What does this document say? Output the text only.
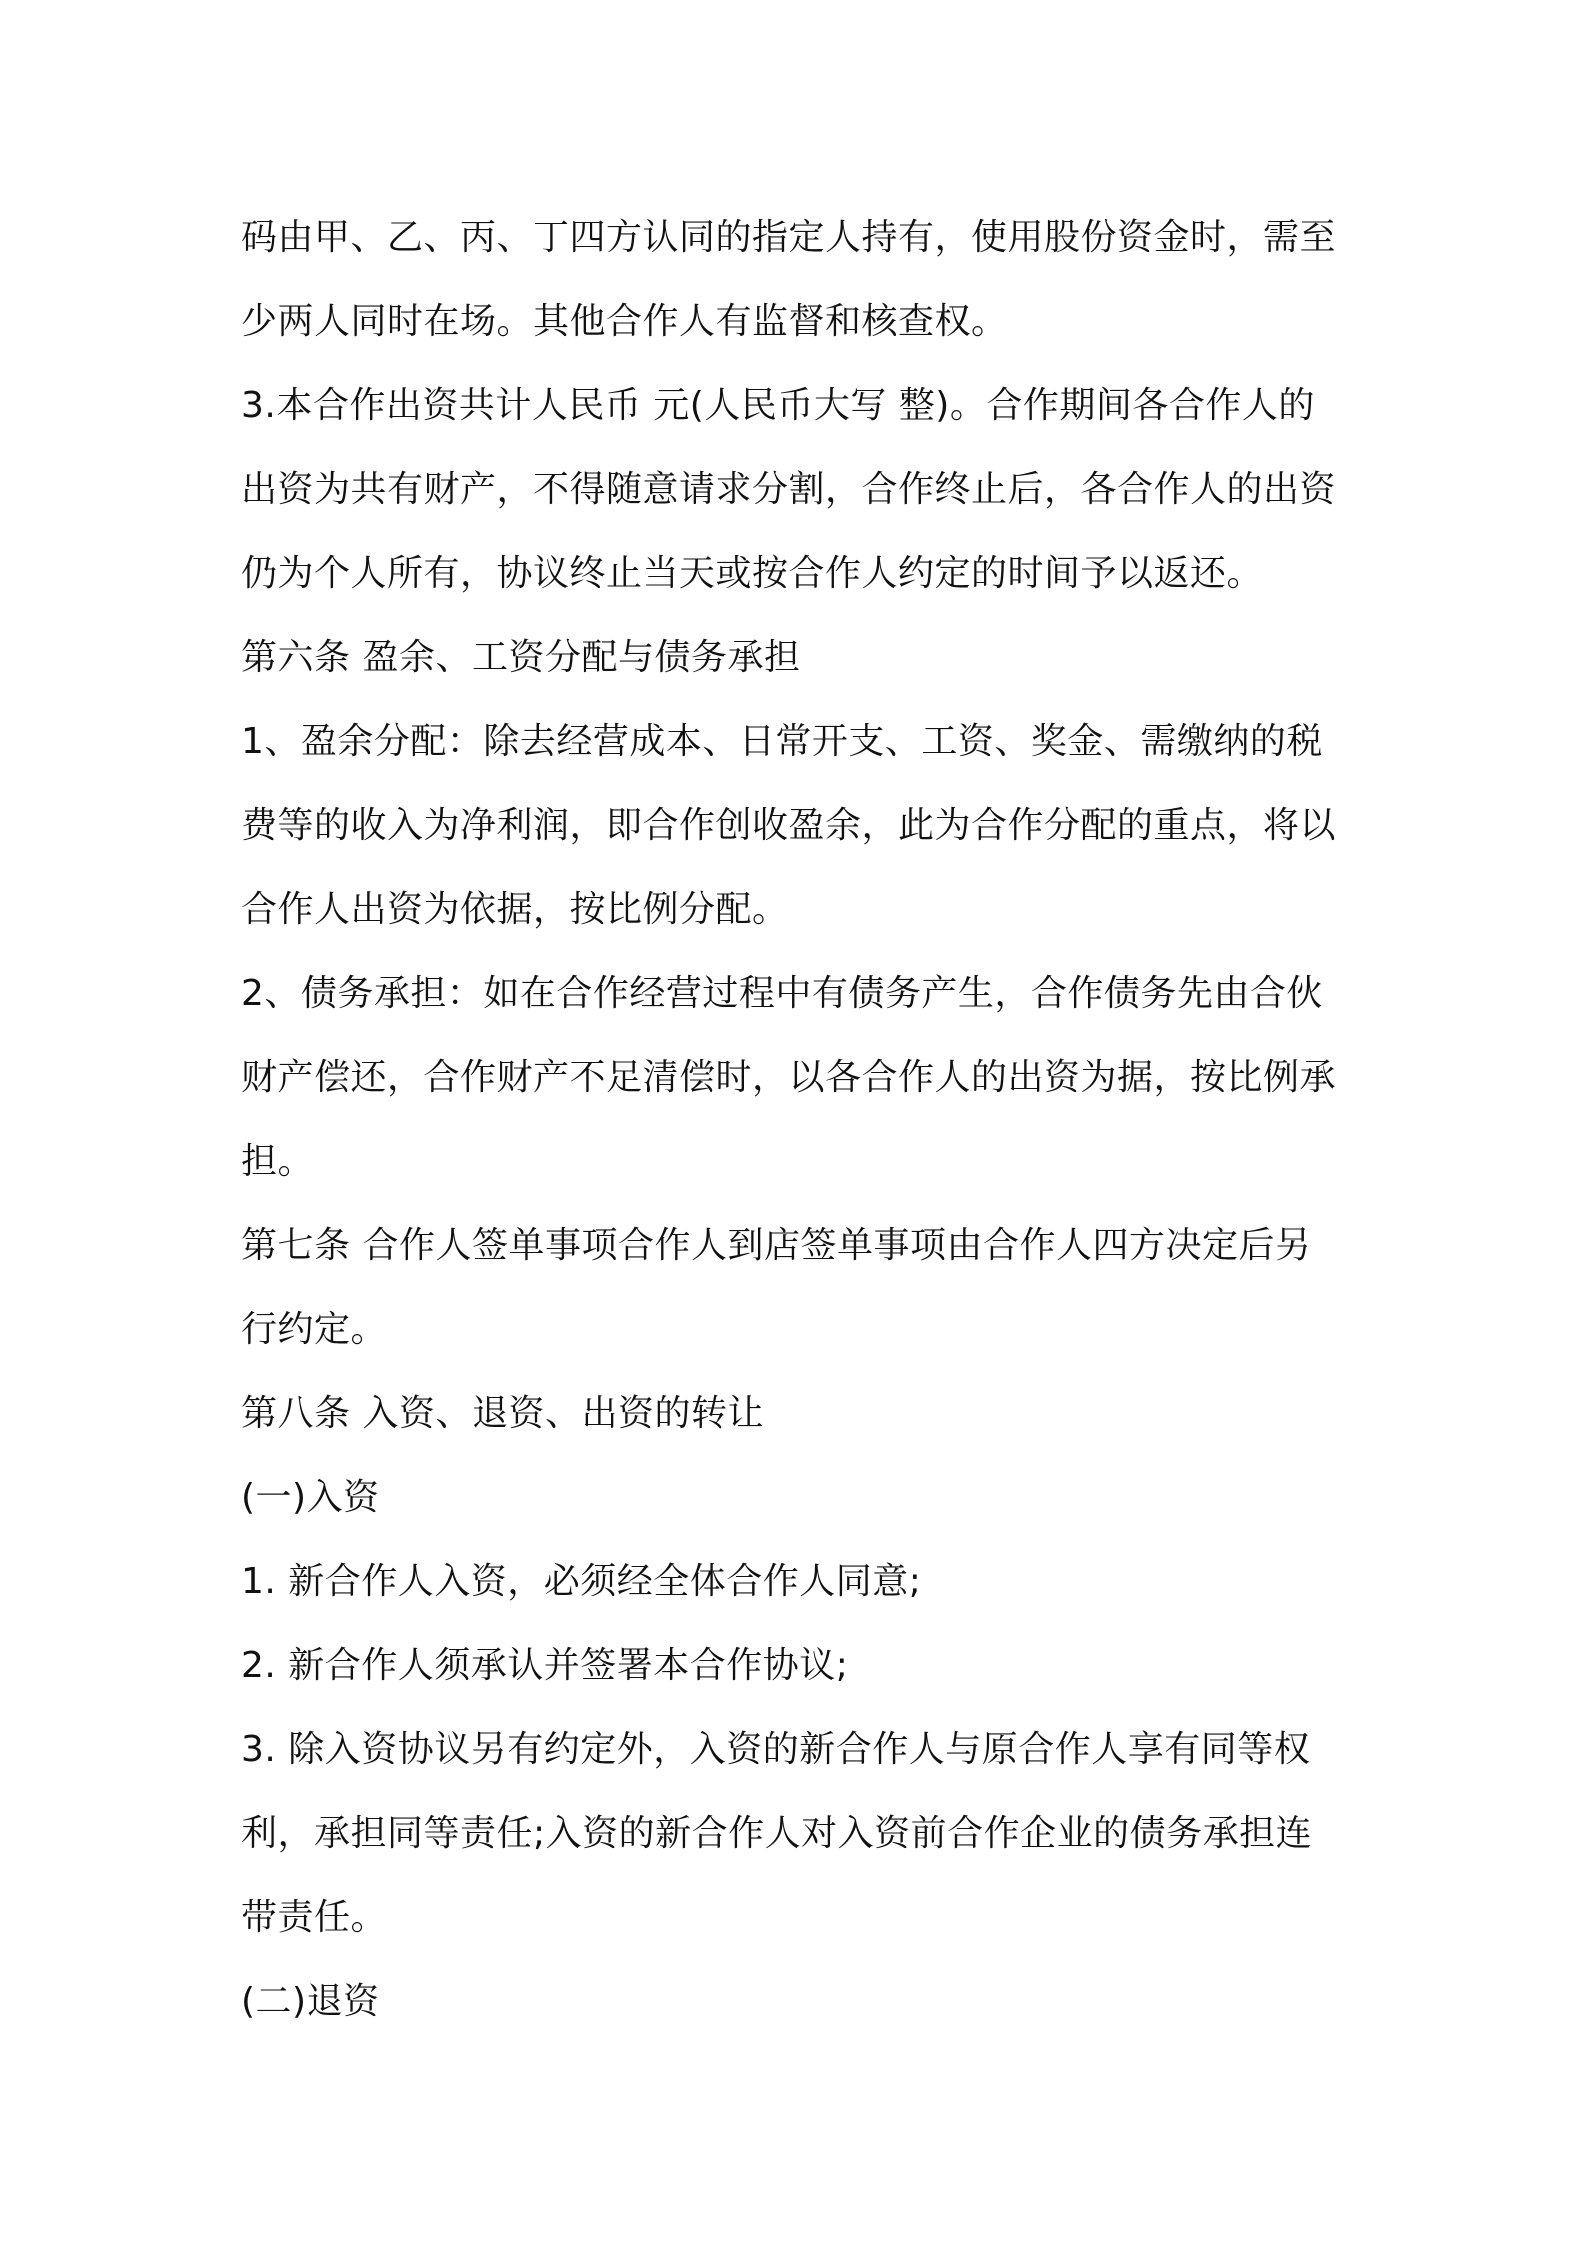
码由甲、乙、丙、丁四方认同的指定人持有，使用股份资金时，需至
少两人同时在场。其他合作人有监督和核查权。
3.本合作出资共计人民币 元(人民币大写 整)。合作期间各合作人的
出资为共有财产，不得随意请求分割，合作终止后，各合作人的出资
仍为个人所有，协议终止当天或按合作人约定的时间予以返还。
第六条 盈余、工资分配与债务承担
1、盈余分配：除去经营成本、日常开支、工资、奖金、需缴纳的税
费等的收入为净利润，即合作创收盈余，此为合作分配的重点，将以
合作人出资为依据，按比例分配。
2、债务承担：如在合作经营过程中有债务产生，合作债务先由合伙
财产偿还，合作财产不足清偿时，以各合作人的出资为据，按比例承
担。
第七条 合作人签单事项合作人到店签单事项由合作人四方决定后另
行约定。
第八条 入资、退资、出资的转让
(一)入资
1. 新合作人入资，必须经全体合作人同意;
2. 新合作人须承认并签署本合作协议;
3. 除入资协议另有约定外，入资的新合作人与原合作人享有同等权
利，承担同等责任;入资的新合作人对入资前合作企业的债务承担连
带责任。
(二)退资
